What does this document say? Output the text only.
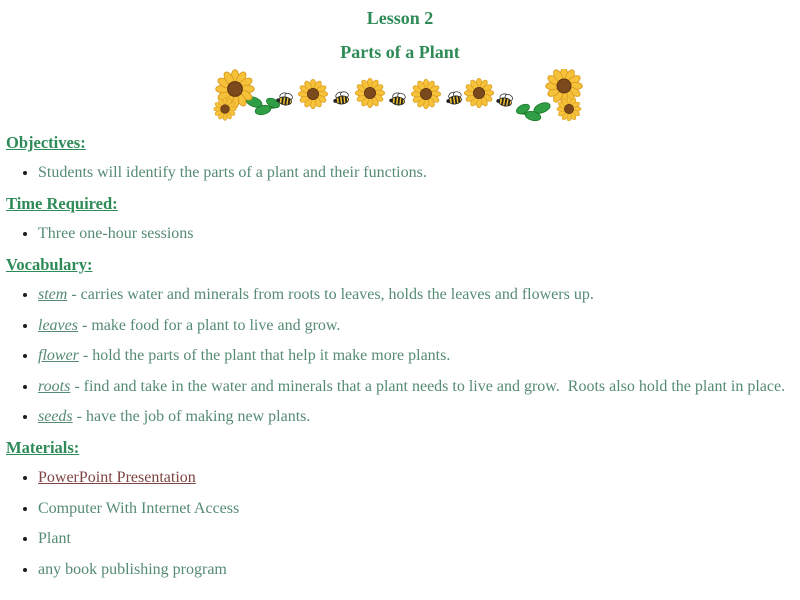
Lesson 2
Parts of a Plant
Objectives:
• Students will identify the parts of a plant and their functions.
Time Required:
• Three one-hour sessions
Vocabulary:
• stem - carries water and minerals from roots to leaves, holds the leaves and flowers up.
• leaves - make food for a plant to live and grow.
• flower - hold the parts of the plant that help it make more plants.
• roots - find and take in the water and minerals that a plant needs to live and grow.  Roots also hold the plant in place.
• seeds - have the job of making new plants.
Materials:
• PowerPoint Presentation
• Computer With Internet Access
• Plant
• any book publishing program
